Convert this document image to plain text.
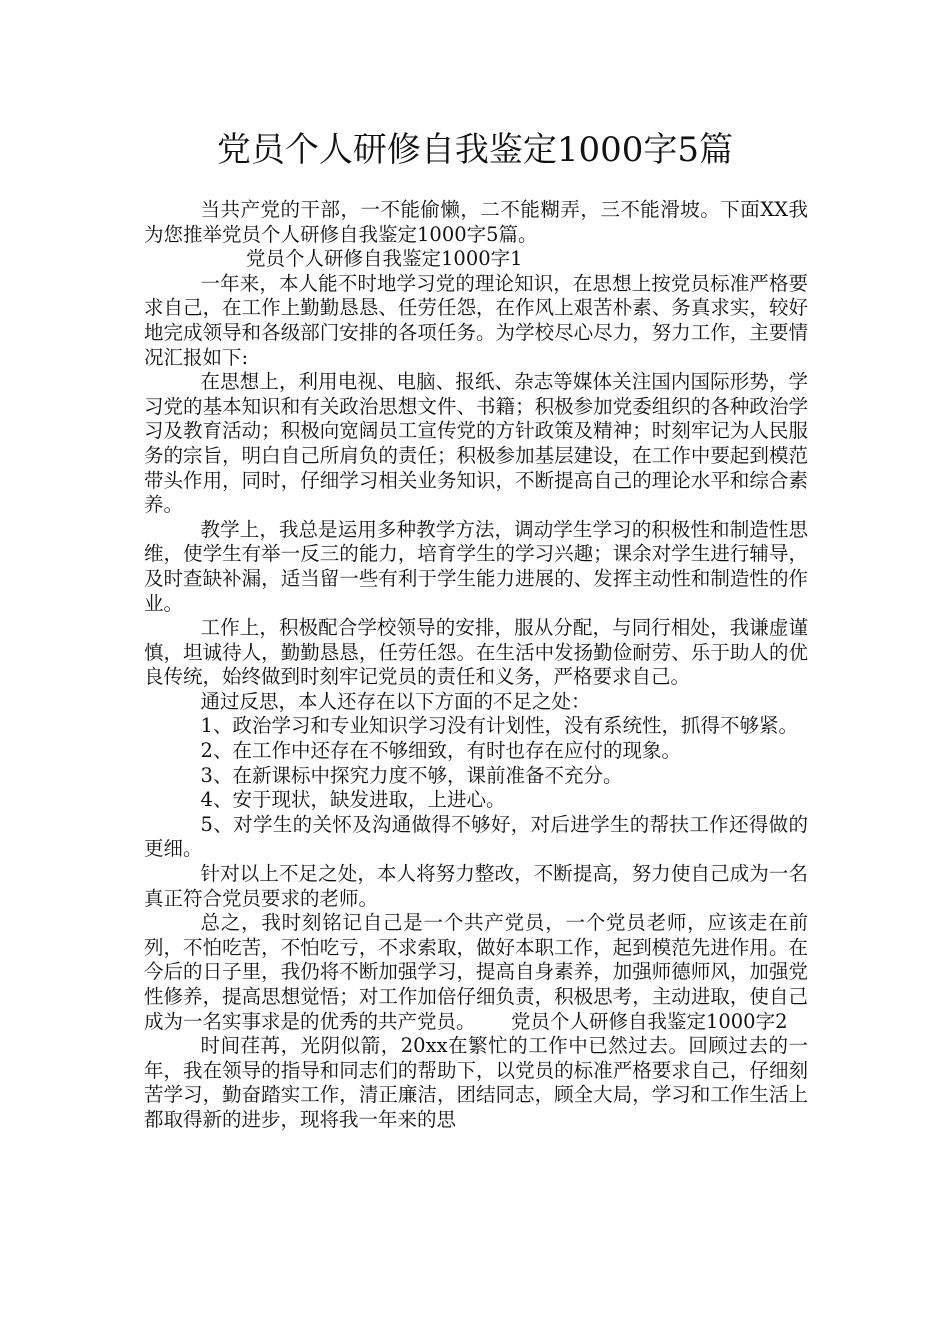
党员个人研修自我鉴定1000字5篇

当共产党的干部，一不能偷懒，二不能糊弄，三不能滑坡。下面XX我为您推举党员个人研修自我鉴定1000字5篇。

党员个人研修自我鉴定1000字1

一年来，本人能不时地学习党的理论知识，在思想上按党员标准严格要求自己，在工作上勤勤恳恳、任劳任怨，在作风上艰苦朴素、务真求实，较好地完成领导和各级部门安排的各项任务。为学校尽心尽力，努力工作，主要情况汇报如下:

在思想上，利用电视、电脑、报纸、杂志等媒体关注国内国际形势，学习党的基本知识和有关政治思想文件、书籍；积极参加党委组织的各种政治学习及教育活动；积极向宽阔员工宣传党的方针政策及精神；时刻牢记为人民服务的宗旨，明白自己所肩负的责任；积极参加基层建设，在工作中要起到模范带头作用，同时，仔细学习相关业务知识，不断提高自己的理论水平和综合素养。

教学上，我总是运用多种教学方法，调动学生学习的积极性和制造性思维，使学生有举一反三的能力，培育学生的学习兴趣；课余对学生进行辅导，及时查缺补漏，适当留一些有利于学生能力进展的、发挥主动性和制造性的作业。

工作上，积极配合学校领导的安排，服从分配，与同行相处，我谦虚谨慎，坦诚待人，勤勤恳恳，任劳任怨。在生活中发扬勤俭耐劳、乐于助人的优良传统，始终做到时刻牢记党员的责任和义务，严格要求自己。

通过反思，本人还存在以下方面的不足之处：

1、政治学习和专业知识学习没有计划性，没有系统性，抓得不够紧。

2、在工作中还存在不够细致，有时也存在应付的现象。

3、在新课标中探究力度不够，课前准备不充分。

4、安于现状，缺发进取，上进心。

5、对学生的关怀及沟通做得不够好，对后进学生的帮扶工作还得做的更细。

针对以上不足之处，本人将努力整改，不断提高，努力使自己成为一名真正符合党员要求的老师。

总之，我时刻铭记自己是一个共产党员，一个党员老师，应该走在前列，不怕吃苦，不怕吃亏，不求索取，做好本职工作，起到模范先进作用。在今后的日子里，我仍将不断加强学习，提高自身素养，加强师德师风，加强党性修养，提高思想觉悟；对工作加倍仔细负责，积极思考，主动进取，使自己成为一名实事求是的优秀的共产党员。　　 党员个人研修自我鉴定1000字2

时间荏苒，光阴似箭，20xx在繁忙的工作中已然过去。回顾过去的一年，我在领导的指导和同志们的帮助下，以党员的标准严格要求自己，仔细刻苦学习，勤奋踏实工作，清正廉洁，团结同志，顾全大局，学习和工作生活上都取得新的进步，现将我一年来的思
